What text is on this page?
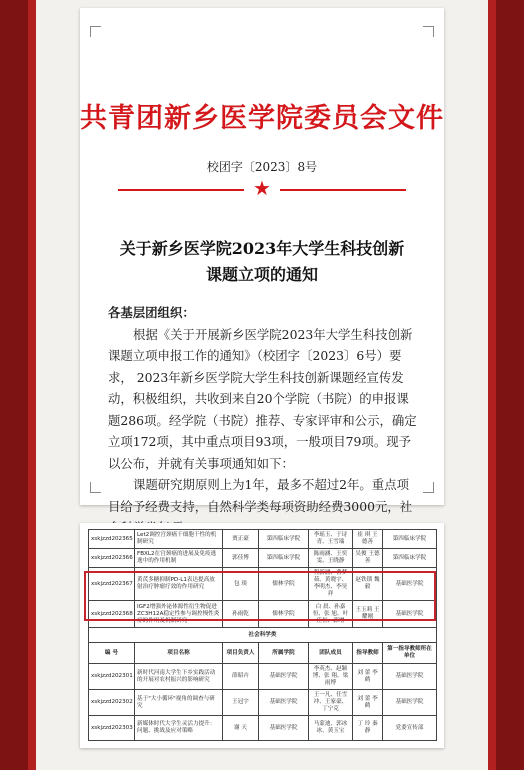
共青团新乡医学院委员会文件
校团字〔2023〕8号
★
关于新乡医学院2023年大学生科技创新
课题立项的通知

各基层团组织：

根据《关于开展新乡医学院2023年大学生科技创新课题立项申报工作的通知》（校团字〔2023〕6号）要求， 2023年新乡医学院大学生科技创新课题经宣传发动，积极组织，共收到来自20个学院（书院）的申报课题286项。经学院（书院）推荐、专家评审和公示，确定立项172项，其中重点项目93项，一般项目79项。现予以公布，并就有关事项通知如下：

课题研究期原则上为1年，最多不超过2年。重点项目给予经费支持，自然科学类每项资助经费3000元，社

xskjzzd202365	Let2调控宫颈癌干细胞干性的机制研究	贾正豪	第四临床学院	李瑶玉、于诗青、王雪瑞	崔 琪 王德善	第四临床学院
xskjzzd202366	FBXL2在宫颈癌的进展及免疫逃逸中的作用机制	郭佳博	第四临床学院	陈雨涵、王奕雯、王晓静	吴俊 王德善	第四临床学院
xskjzzd202367	黄芪多糖抑制PD-L1表达提高放射治疗肿瘤疗效的作用研究	包 琰	儒林学院	程新涵、曹梦茹、黄晓宇、李明杰、李昊祥	赵铁锁 魏 毅	基础医学院
xskjzzd202368	IGF2增强外泌体源性衍生物促进ZC3H12A稳定性参与调控慢性炎症的作用及机制研究	孙雨乾	儒林学院	白 晨、孙嘉恒、张 旭、叶佳恒、郭增	王玉莉 王耀刚	基础医学院
社会科学类						
编 号	项目名称	项目负责人	所属学院	团队成员	指导教师	第一指导教师所在单位
xskjzzd202301	新时代河南大学生下乡实践活动的开展对农村振兴的影响研究	薛昭卉	基础医学院	李英杰、赵颖博、张 翔、梁雨博	刘 蕾 李 鹤	基础医学院
xskjzzd202302	基于"大小循环"视角的调查与研究	王冠宇	基础医学院	王一凡、任雪冲、王家豪、丁宁克	刘 蕾 李 鹤	基础医学院
xskjzzd202303	新媒体时代大学生灵活力提升：问题、挑战及应对策略	谢 天	基础医学院	马蒙迪、郭冰冰、黄玉宝	丁 玲 秦 静	党委宣传部
